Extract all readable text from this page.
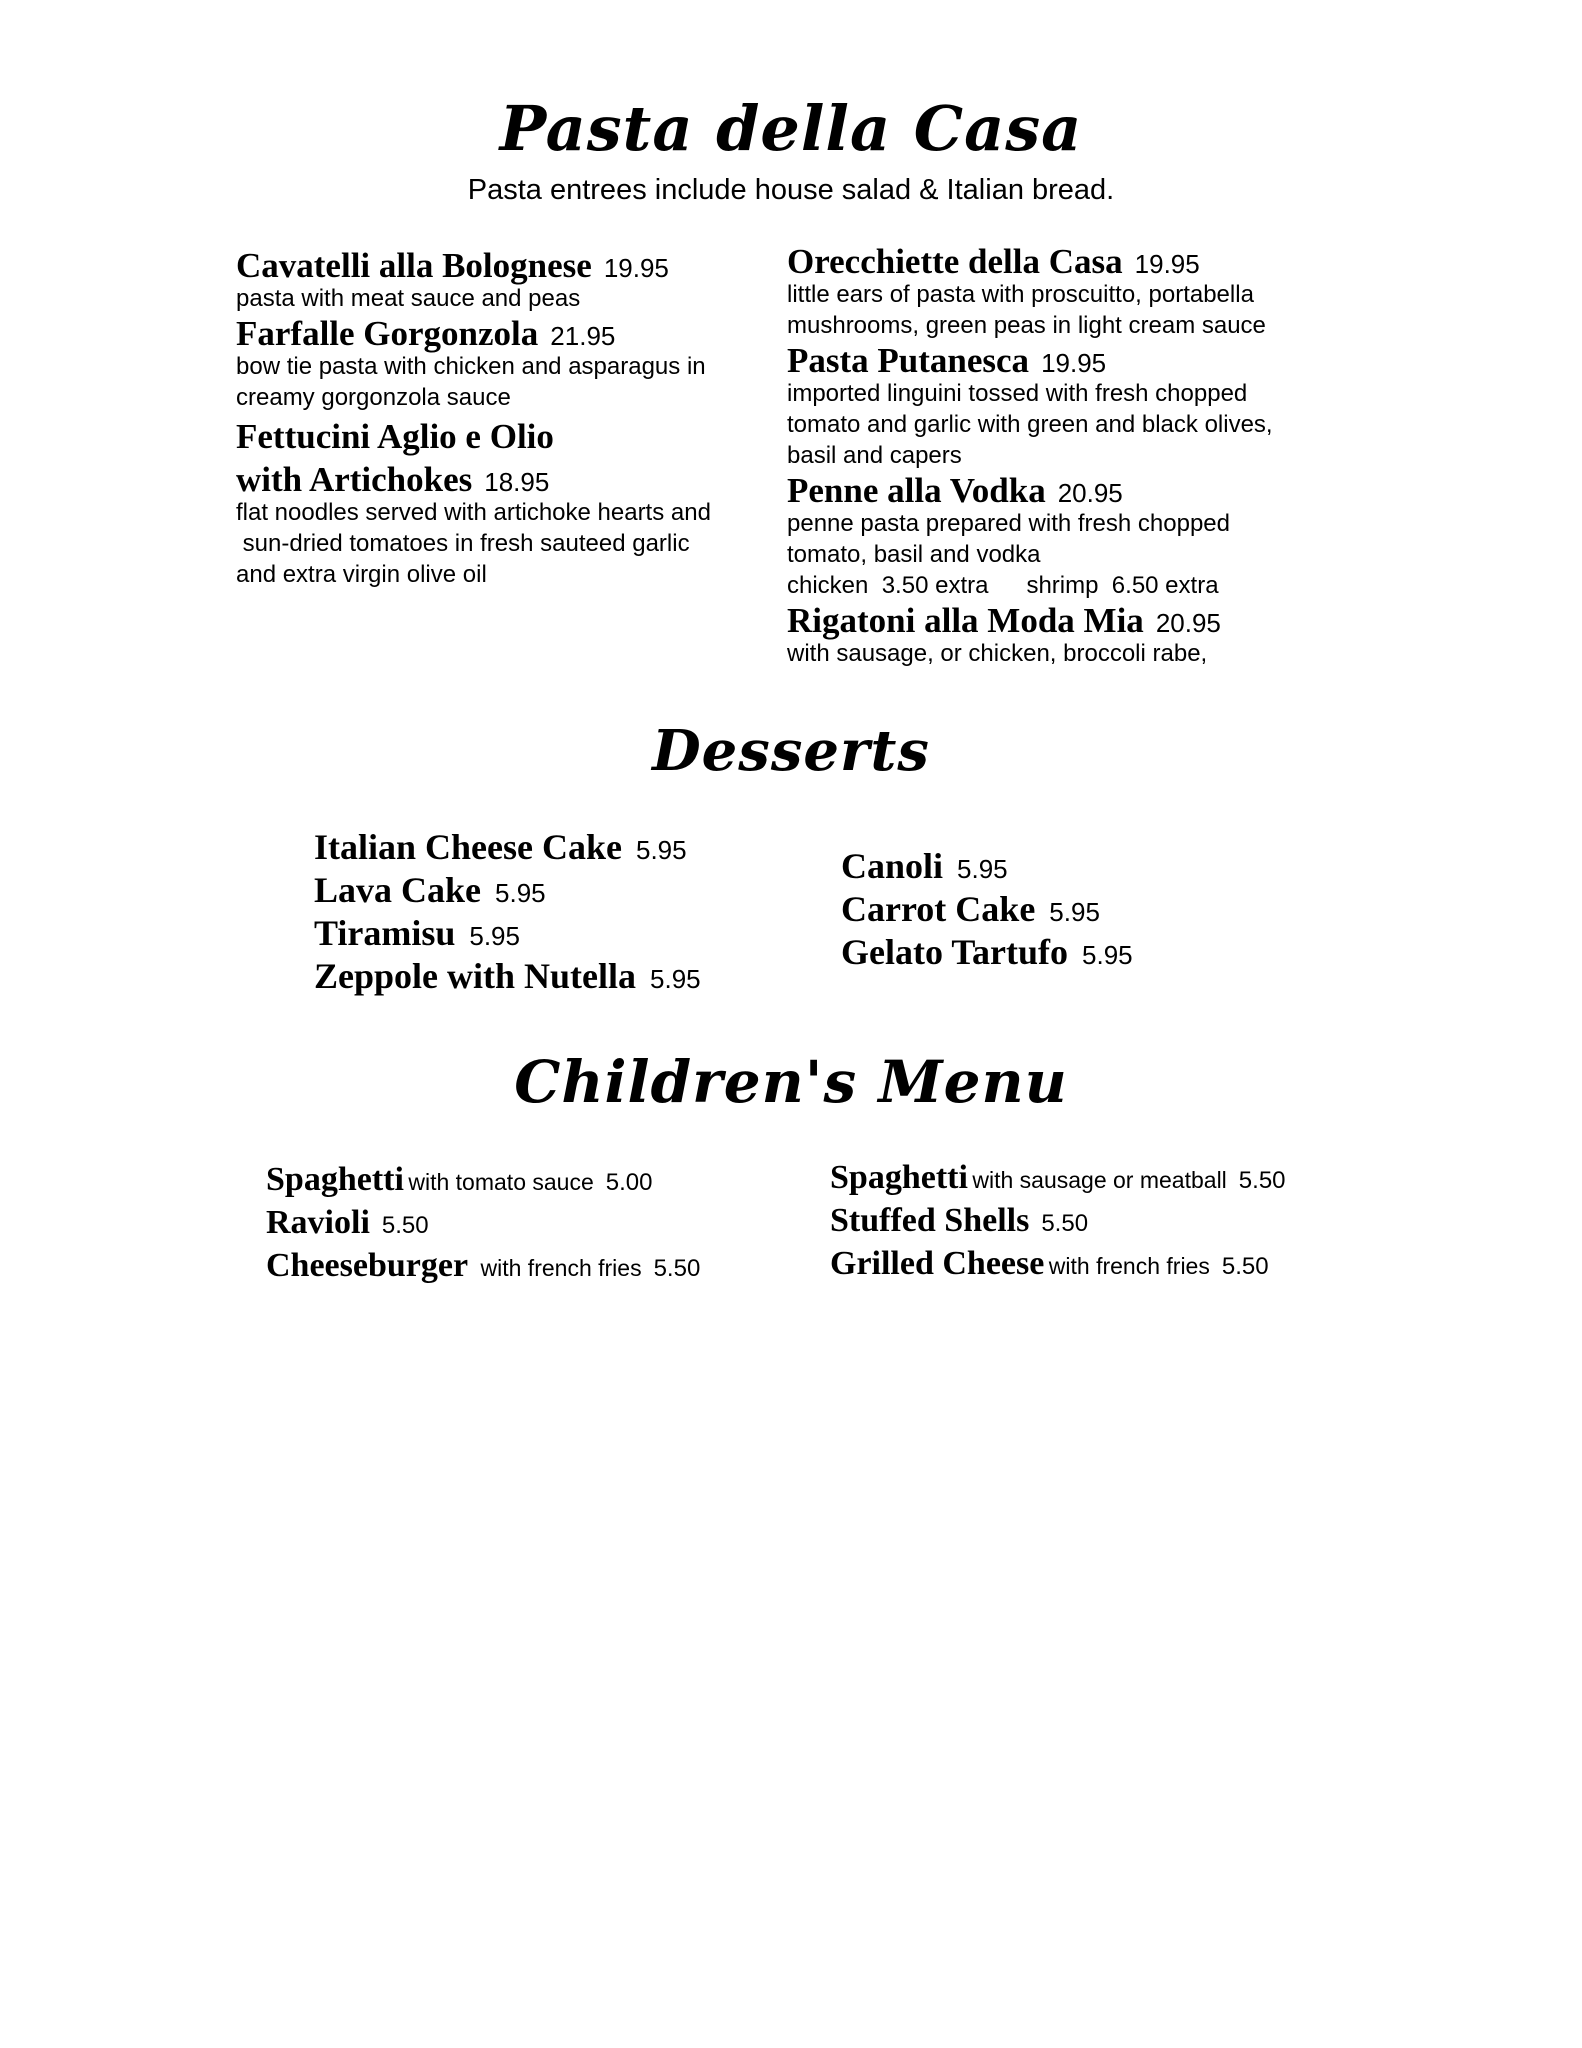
Pasta della Casa
Pasta entrees include house salad & Italian bread.
Cavatelli alla Bolognese 19.95

pasta with meat sauce and peas

Farfalle Gorgonzola 21.95

bow tie pasta with chicken and asparagus in

creamy gorgonzola sauce

Fettucini Aglio e Olio
with Artichokes 18.95

flat noodles served with artichoke hearts and

sun-dried tomatoes in fresh sauteed garlic

and extra virgin olive oil

Orecchiette della Casa 19.95

little ears of pasta with proscuitto, portabella

mushrooms, green peas in light cream sauce

Pasta Putanesca 19.95

imported linguini tossed with fresh chopped

tomato and garlic with green and black olives,

basil and capers

Penne alla Vodka 20.95

penne pasta prepared with fresh chopped

tomato, basil and vodka

chicken  3.50 extra shrimp  6.50 extra
Rigatoni alla Moda Mia 20.95

with sausage, or chicken, broccoli rabe,

Desserts
Italian Cheese Cake 5.95
Lava Cake 5.95
Tiramisu 5.95
Zeppole with Nutella 5.95
Canoli 5.95
Carrot Cake 5.95
Gelato Tartufo 5.95
Children's Menu
Spaghetti with tomato sauce 5.00
Ravioli 5.50
Cheeseburger with french fries 5.50
Spaghetti with sausage or meatball 5.50
Stuffed Shells 5.50
Grilled Cheese with french fries 5.50
